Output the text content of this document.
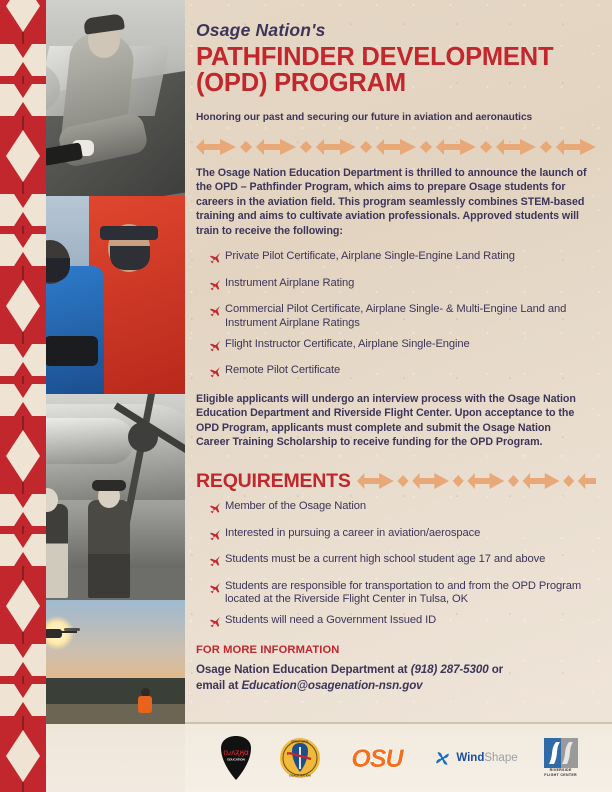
Osage Nation's
PATHFINDER DEVELOPMENT
(OPD) PROGRAM
Honoring our past and securing our future in aviation and aeronautics
The Osage Nation Education Department is thrilled to announce the launch of the OPD – Pathfinder Program, which aims to prepare Osage students for careers in the aviation field. This program seamlessly combines STEM-based training and aims to cultivate aviation professionals. Approved students will train to receive the following:
Private Pilot Certificate, Airplane Single-Engine Land Rating
Instrument Airplane Rating
Commercial Pilot Certificate, Airplane Single- & Multi-Engine Land and Instrument Airplane Ratings
Flight Instructor Certificate, Airplane Single-Engine
Remote Pilot Certificate
Eligible applicants will undergo an interview process with the Osage Nation Education Department and Riverside Flight Center. Upon acceptance to the OPD Program, applicants must complete and submit the Osage Nation Career Training Scholarship to receive funding for the OPD Program.
REQUIREMENTS
Member of the Osage Nation
Interested in pursuing a career in aviation/aerospace
Students must be a current high school student age 17 and above
Students are responsible for transportation to and from the OPD Program located at the Riverside Flight Center in Tulsa, OK
Students will need a Government Issued ID
FOR MORE INFORMATION
Osage Nation Education Department at (918) 287-5300 or
email at Education@osagenation-nsn.gov
𐒻𐓡𐒰𐓓𐒼𐒷
EDUCATION
GREAT SEAL
OSAGE NATION
OSU	WindShape
RIVERSIDE
FLIGHT CENTER
